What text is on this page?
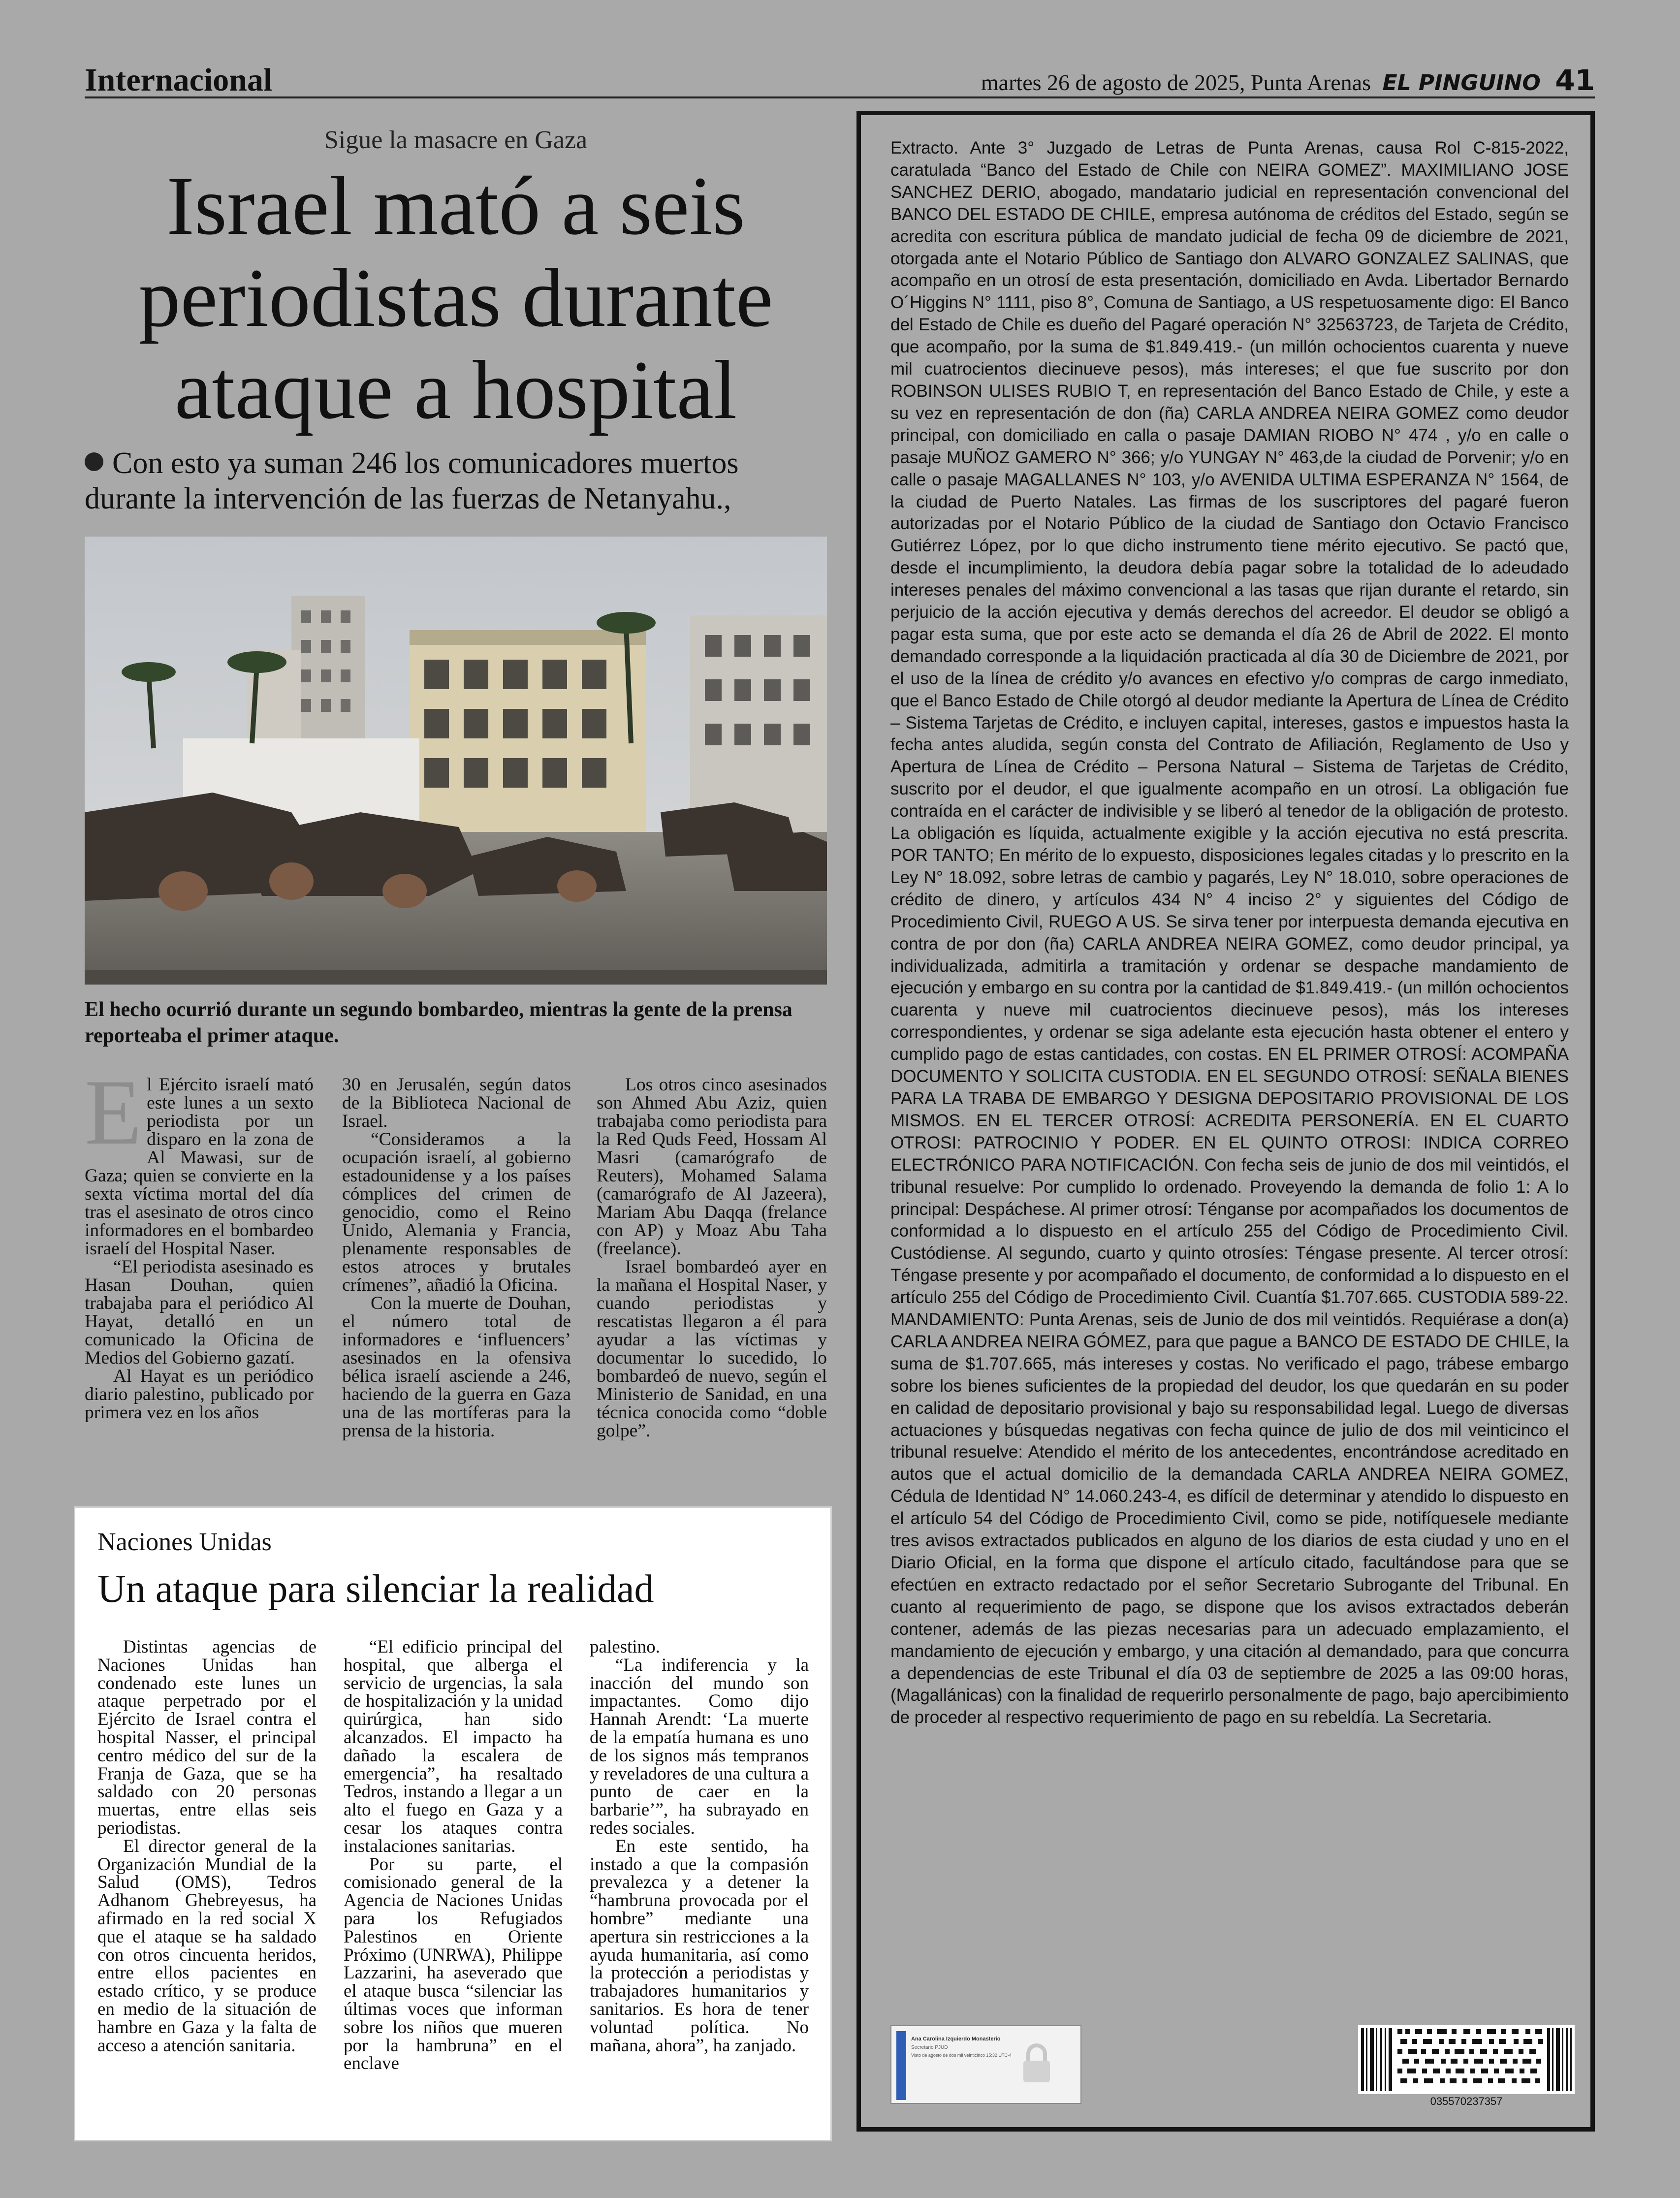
Internacional	martes 26 de agosto de 2025, Punta Arenas EL PINGUINO 41
Sigue la masacre en Gaza
Israel mató a seis
periodistas durante
ataque a hospital
Con esto ya suman 246 los comunicadores muertos durante la intervención de las fuerzas de Netanyahu.,
El hecho ocurrió durante un segundo bombardeo, mientras la gente de la prensa reporteaba el primer ataque.

El Ejército israelí mató este lunes a un sexto periodista por un disparo en la zona de Al Mawasi, sur de Gaza; quien se convierte en la sexta víctima mortal del día tras el asesinato de otros cinco informadores en el bombardeo israelí del Hospital Naser.

“El periodista asesinado es Hasan Douhan, quien trabajaba para el periódico Al Hayat, detalló en un comunicado la Oficina de Medios del Gobierno gazatí.

Al Hayat es un periódico diario palestino, publicado por primera vez en los años

30 en Jerusalén, según datos de la Biblioteca Nacional de Israel.

“Consideramos a la ocupación israelí, al gobierno estadounidense y a los países cómplices del crimen de genocidio, como el Reino Unido, Alemania y Francia, plenamente responsables de estos atroces y brutales crímenes”, añadió la Oficina.

Con la muerte de Douhan, el número total de informadores e ‘influencers’ asesinados en la ofensiva bélica israelí asciende a 246, haciendo de la guerra en Gaza una de las mortíferas para la prensa de la historia.

Los otros cinco asesinados son Ahmed Abu Aziz, quien trabajaba como periodista para la Red Quds Feed, Hossam Al Masri (camarógrafo de Reuters), Mohamed Salama (camarógrafo de Al Jazeera), Mariam Abu Daqqa (frelance con AP) y Moaz Abu Taha (freelance).

Israel bombardeó ayer en la mañana el Hospital Naser, y cuando periodistas y rescatistas llegaron a él para ayudar a las víctimas y documentar lo sucedido, lo bombardeó de nuevo, según el Ministerio de Sanidad, en una técnica conocida como “doble golpe”.

Naciones Unidas
Un ataque para silenciar la realidad

Distintas agencias de Naciones Unidas han condenado este lunes un ataque perpetrado por el Ejército de Israel contra el hospital Nasser, el principal centro médico del sur de la Franja de Gaza, que se ha saldado con 20 personas muertas, entre ellas seis periodistas.

El director general de la Organización Mundial de la Salud (OMS), Tedros Adhanom Ghebreyesus, ha afirmado en la red social X que el ataque se ha saldado con otros cincuenta heridos, entre ellos pacientes en estado crítico, y se produce en medio de la situación de hambre en Gaza y la falta de acceso a atención sanitaria.

“El edificio principal del hospital, que alberga el servicio de urgencias, la sala de hospitalización y la unidad quirúrgica, han sido alcanzados. El impacto ha dañado la escalera de emergencia”, ha resaltado Tedros, instando a llegar a un alto el fuego en Gaza y a cesar los ataques contra instalaciones sanitarias.

Por su parte, el comisionado general de la Agencia de Naciones Unidas para los Refugiados Palestinos en Oriente Próximo (UNRWA), Philippe Lazzarini, ha aseverado que el ataque busca “silenciar las últimas voces que informan sobre los niños que mueren por la hambruna” en el enclave

palestino.

“La indiferencia y la inacción del mundo son impactantes. Como dijo Hannah Arendt: ‘La muerte de la empatía humana es uno de los signos más tempranos y reveladores de una cultura a punto de caer en la barbarie’”, ha subrayado en redes sociales.

En este sentido, ha instado a que la compasión prevalezca y a detener la “hambruna provocada por el hombre” mediante una apertura sin restricciones a la ayuda humanitaria, así como la protección a periodistas y trabajadores humanitarios y sanitarios. Es hora de tener voluntad política. No mañana, ahora”, ha zanjado.

Extracto. Ante 3° Juzgado de Letras de Punta Arenas, causa Rol C-815-2022, caratulada “Banco del Estado de Chile con NEIRA GOMEZ”. MAXIMILIANO JOSE SANCHEZ DERIO, abogado, mandatario judicial en representación convencional del BANCO DEL ESTADO DE CHILE, empresa autónoma de créditos del Estado, según se acredita con escritura pública de mandato judicial de fecha 09 de diciembre de 2021, otorgada ante el Notario Público de Santiago don ALVARO GONZALEZ SALINAS, que acompaño en un otrosí de esta presentación, domiciliado en Avda. Libertador Bernardo O´Higgins N° 1111, piso 8°, Comuna de Santiago, a US respetuosamente digo: El Banco del Estado de Chile es dueño del Pagaré operación N° 32563723, de Tarjeta de Crédito, que acompaño, por la suma de $1.849.419.- (un millón ochocientos cuarenta y nueve mil cuatrocientos diecinueve pesos), más intereses; el que fue suscrito por don ROBINSON ULISES RUBIO T, en representación del Banco Estado de Chile, y este a su vez en representación de don (ña) CARLA ANDREA NEIRA GOMEZ como deudor principal, con domiciliado en calla o pasaje DAMIAN RIOBO N° 474 , y/o en calle o pasaje MUÑOZ GAMERO N° 366; y/o YUNGAY N° 463,de la ciudad de Porvenir; y/o en calle o pasaje MAGALLANES N° 103, y/o AVENIDA ULTIMA ESPERANZA N° 1564, de la ciudad de Puerto Natales. Las firmas de los suscriptores del pagaré fueron autorizadas por el Notario Público de la ciudad de Santiago don Octavio Francisco Gutiérrez López, por lo que dicho instrumento tiene mérito ejecutivo. Se pactó que, desde el incumplimiento, la deudora debía pagar sobre la totalidad de lo adeudado intereses penales del máximo convencional a las tasas que rijan durante el retardo, sin perjuicio de la acción ejecutiva y demás derechos del acreedor. El deudor se obligó a pagar esta suma, que por este acto se demanda el día 26 de Abril de 2022. El monto demandado corresponde a la liquidación practicada al día 30 de Diciembre de 2021, por el uso de la línea de crédito y/o avances en efectivo y/o compras de cargo inmediato, que el Banco Estado de Chile otorgó al deudor mediante la Apertura de Línea de Crédito – Sistema Tarjetas de Crédito, e incluyen capital, intereses, gastos e impuestos hasta la fecha antes aludida, según consta del Contrato de Afiliación, Reglamento de Uso y Apertura de Línea de Crédito – Persona Natural – Sistema de Tarjetas de Crédito, suscrito por el deudor, el que igualmente acompaño en un otrosí. La obligación fue contraída en el carácter de indivisible y se liberó al tenedor de la obligación de protesto. La obligación es líquida, actualmente exigible y la acción ejecutiva no está prescrita. POR TANTO; En mérito de lo expuesto, disposiciones legales citadas y lo prescrito en la Ley N° 18.092, sobre letras de cambio y pagarés, Ley N° 18.010, sobre operaciones de crédito de dinero, y artículos 434 N° 4 inciso 2° y siguientes del Código de Procedimiento Civil, RUEGO A US. Se sirva tener por interpuesta demanda ejecutiva en contra de por don (ña) CARLA ANDREA NEIRA GOMEZ, como deudor principal, ya individualizada, admitirla a tramitación y ordenar se despache mandamiento de ejecución y embargo en su contra por la cantidad de $1.849.419.- (un millón ochocientos cuarenta y nueve mil cuatrocientos diecinueve pesos), más los intereses correspondientes, y ordenar se siga adelante esta ejecución hasta obtener el entero y cumplido pago de estas cantidades, con costas. EN EL PRIMER OTROSÍ: ACOMPAÑA DOCUMENTO Y SOLICITA CUSTODIA. EN EL SEGUNDO OTROSÍ: SEÑALA BIENES PARA LA TRABA DE EMBARGO Y DESIGNA DEPOSITARIO PROVISIONAL DE LOS MISMOS. EN EL TERCER OTROSÍ: ACREDITA PERSONERÍA. EN EL CUARTO OTROSI: PATROCINIO Y PODER. EN EL QUINTO OTROSI: INDICA CORREO ELECTRÓNICO PARA NOTIFICACIÓN. Con fecha seis de junio de dos mil veintidós, el tribunal resuelve: Por cumplido lo ordenado. Proveyendo la demanda de folio 1: A lo principal: Despáchese. Al primer otrosí: Ténganse por acompañados los documentos de conformidad a lo dispuesto en el artículo 255 del Código de Procedimiento Civil. Custódiense. Al segundo, cuarto y quinto otrosíes: Téngase presente. Al tercer otrosí: Téngase presente y por acompañado el documento, de conformidad a lo dispuesto en el artículo 255 del Código de Procedimiento Civil. Cuantía $1.707.665. CUSTODIA 589-22. MANDAMIENTO: Punta Arenas, seis de Junio de dos mil veintidós. Requiérase a don(a) CARLA ANDREA NEIRA GÓMEZ, para que pague a BANCO DE ESTADO DE CHILE, la suma de $1.707.665, más intereses y costas. No verificado el pago, trábese embargo sobre los bienes suficientes de la propiedad del deudor, los que quedarán en su poder en calidad de depositario provisional y bajo su responsabilidad legal. Luego de diversas actuaciones y búsquedas negativas con fecha quince de julio de dos mil veinticinco el tribunal resuelve: Atendido el mérito de los antecedentes, encontrándose acreditado en autos que el actual domicilio de la demandada CARLA ANDREA NEIRA GOMEZ, Cédula de Identidad N° 14.060.243-4, es difícil de determinar y atendido lo dispuesto en el artículo 54 del Código de Procedimiento Civil, como se pide, notifíquesele mediante tres avisos extractados publicados en alguno de los diarios de esta ciudad y uno en el Diario Oficial, en la forma que dispone el artículo citado, facultándose para que se efectúen en extracto redactado por el señor Secretario Subrogante del Tribunal. En cuanto al requerimiento de pago, se dispone que los avisos extractados deberán contener, además de las piezas necesarias para un adecuado emplazamiento, el mandamiento de ejecución y embargo, y una citación al demandado, para que concurra a dependencias de este Tribunal el día 03 de septiembre de 2025 a las 09:00 horas, (Magallánicas) con la finalidad de requerirlo personalmente de pago, bajo apercibimiento de proceder al respectivo requerimiento de pago en su rebeldía. La Secretaria.
Ana Carolina Izquierdo Monasterio
Secretario PJUD
Visto de agosto de dos mil veinticinco 15:32 UTC-4
035570237357
